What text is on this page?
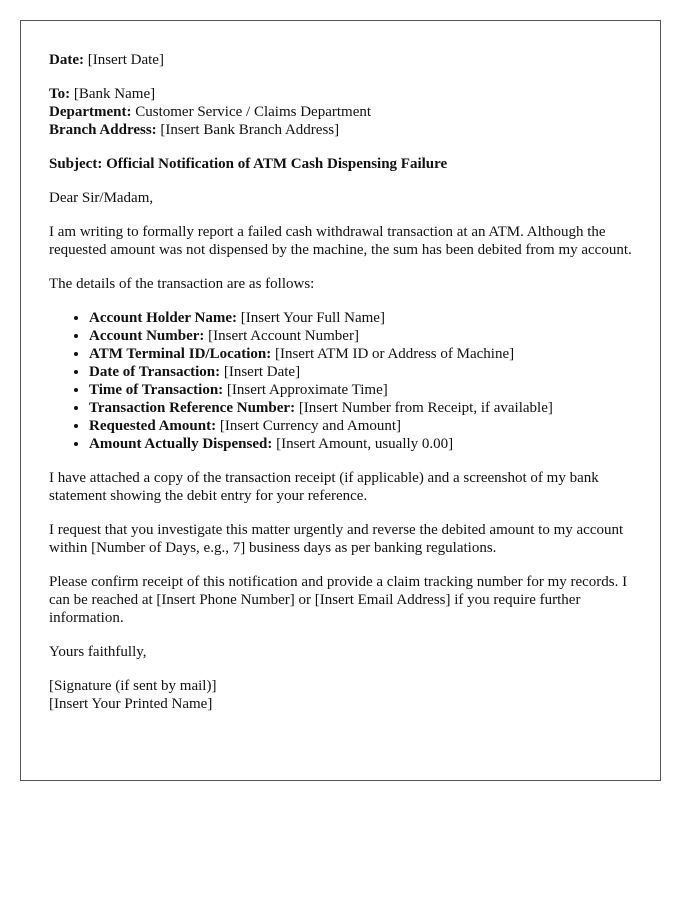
Date: [Insert Date]

To: [Bank Name]
Department: Customer Service / Claims Department
Branch Address: [Insert Bank Branch Address]

Subject: Official Notification of ATM Cash Dispensing Failure

Dear Sir/Madam,

I am writing to formally report a failed cash withdrawal transaction at an ATM. Although the requested amount was not dispensed by the machine, the sum has been debited from my account.

The details of the transaction are as follows:

• Account Holder Name: [Insert Your Full Name]
• Account Number: [Insert Account Number]
• ATM Terminal ID/Location: [Insert ATM ID or Address of Machine]
• Date of Transaction: [Insert Date]
• Time of Transaction: [Insert Approximate Time]
• Transaction Reference Number: [Insert Number from Receipt, if available]
• Requested Amount: [Insert Currency and Amount]
• Amount Actually Dispensed: [Insert Amount, usually 0.00]

I have attached a copy of the transaction receipt (if applicable) and a screenshot of my bank statement showing the debit entry for your reference.

I request that you investigate this matter urgently and reverse the debited amount to my account within [Number of Days, e.g., 7] business days as per banking regulations.

Please confirm receipt of this notification and provide a claim tracking number for my records. I can be reached at [Insert Phone Number] or [Insert Email Address] if you require further information.

Yours faithfully,

[Signature (if sent by mail)]
[Insert Your Printed Name]
